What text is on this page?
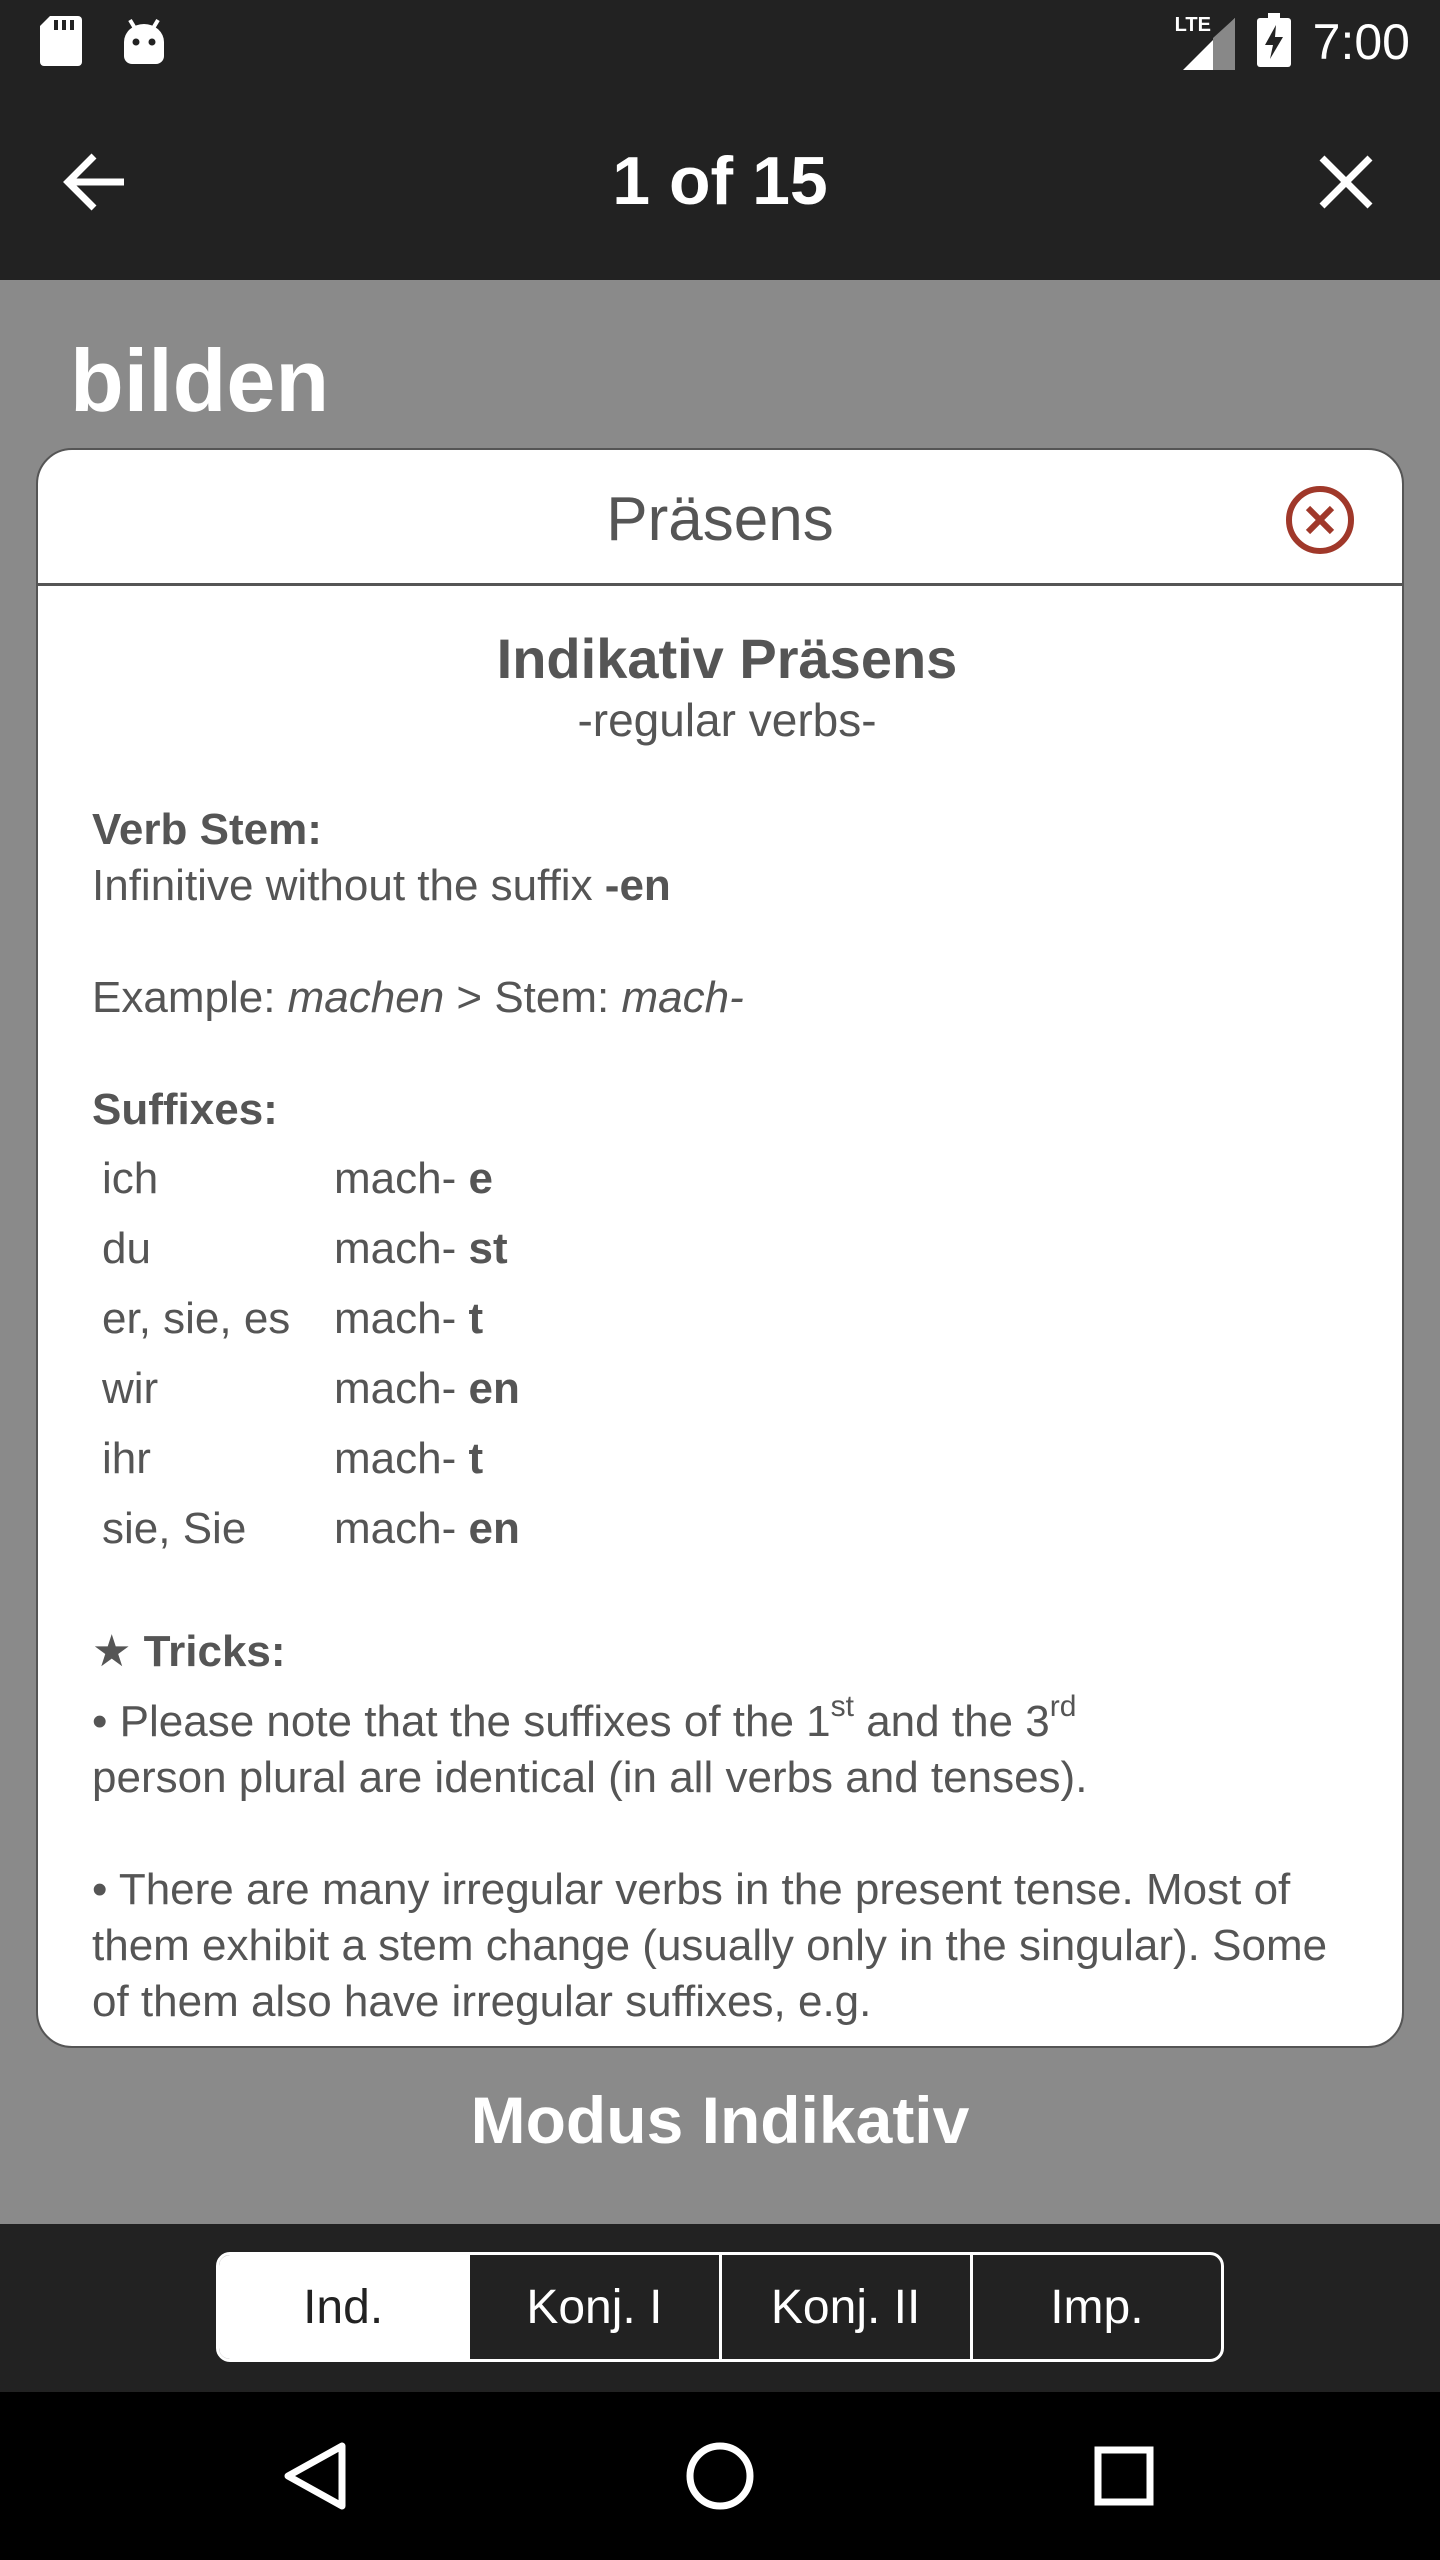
LTE 7:00
1 of 15
bilden
Präsens
Indikativ Präsens
-regular verbs-
Verb Stem:
Infinitive without the suffix -en
Example: machen > Stem: mach-
Suffixes:
ich	mach- e
du	mach- st
er, sie, es mach- t
wir	mach- en
ihr	mach- t
sie, Sie	mach- en
★ Tricks:
• Please note that the suffixes of the 1st and the 3rd
person plural are identical (in all verbs and tenses).
• There are many irregular verbs in the present tense. Most of them exhibit a stem change (usually only in the singular). Some of them also have irregular suffixes, e.g.
Modus Indikativ
Ind.	Konj. I	Konj. II	Imp.
